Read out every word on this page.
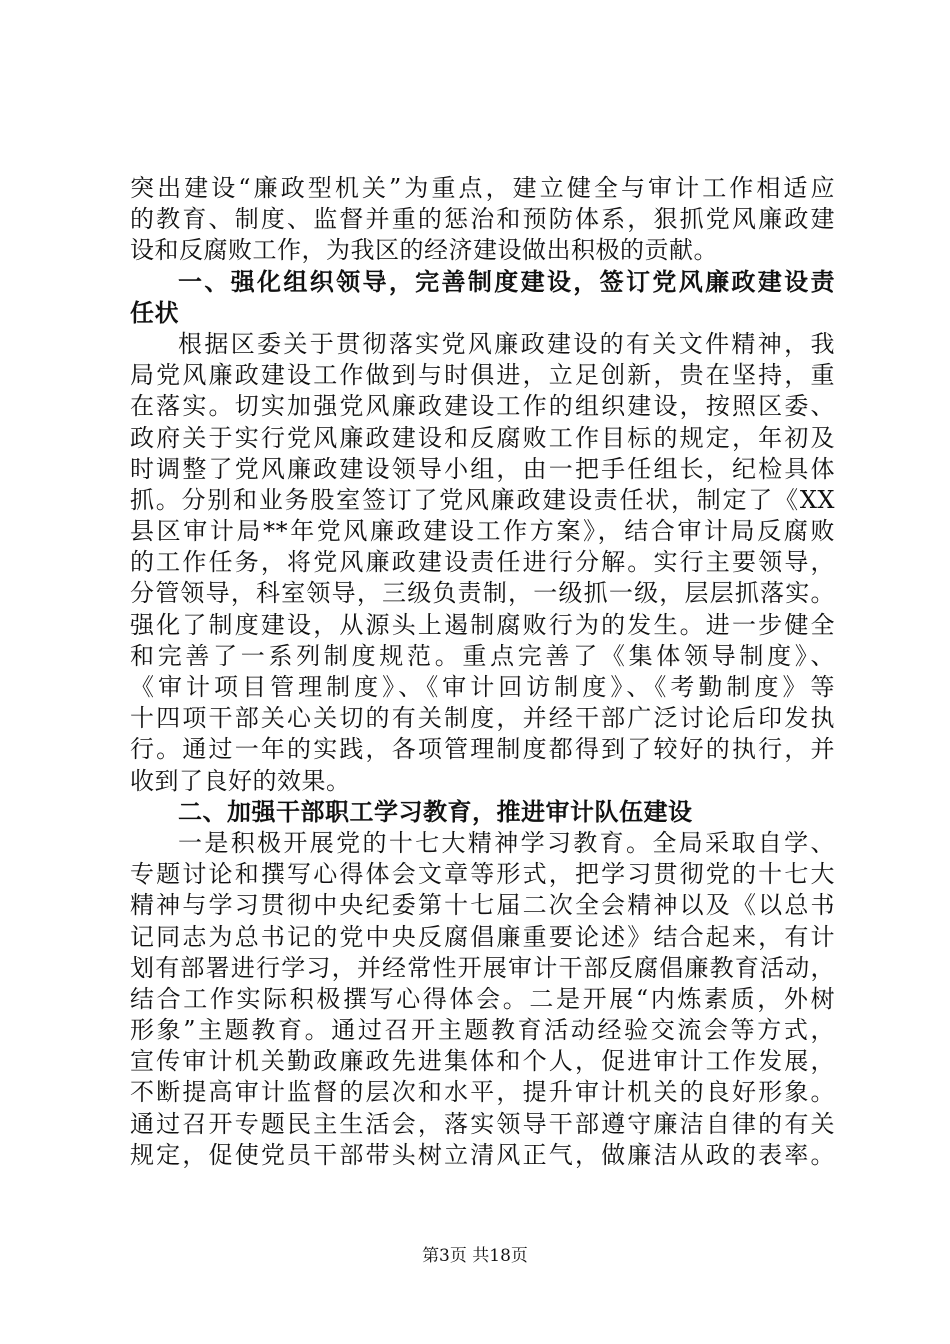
突出建设“廉政型机关”为重点，建立健全与审计工作相适应
的教育、制度、监督并重的惩治和预防体系，狠抓党风廉政建
设和反腐败工作，为我区的经济建设做出积极的贡献。
一、强化组织领导，完善制度建设，签订党风廉政建设责
任状
根据区委关于贯彻落实党风廉政建设的有关文件精神，我
局党风廉政建设工作做到与时俱进，立足创新，贵在坚持，重
在落实。切实加强党风廉政建设工作的组织建设，按照区委、
政府关于实行党风廉政建设和反腐败工作目标的规定，年初及
时调整了党风廉政建设领导小组，由一把手任组长，纪检具体
抓。分别和业务股室签订了党风廉政建设责任状，制定了《XX
县区审计局**年党风廉政建设工作方案》，结合审计局反腐败
的工作任务，将党风廉政建设责任进行分解。实行主要领导，
分管领导，科室领导，三级负责制，一级抓一级，层层抓落实。
强化了制度建设，从源头上遏制腐败行为的发生。进一步健全
和完善了一系列制度规范。重点完善了《集体领导制度》、
《审计项目管理制度》、《审计回访制度》、《考勤制度》等
十四项干部关心关切的有关制度，并经干部广泛讨论后印发执
行。通过一年的实践，各项管理制度都得到了较好的执行，并
收到了良好的效果。
二、加强干部职工学习教育，推进审计队伍建设
一是积极开展党的十七大精神学习教育。全局采取自学、
专题讨论和撰写心得体会文章等形式，把学习贯彻党的十七大
精神与学习贯彻中央纪委第十七届二次全会精神以及《以总书
记同志为总书记的党中央反腐倡廉重要论述》结合起来，有计
划有部署进行学习，并经常性开展审计干部反腐倡廉教育活动，
结合工作实际积极撰写心得体会。二是开展“内炼素质，外树
形象”主题教育。通过召开主题教育活动经验交流会等方式，
宣传审计机关勤政廉政先进集体和个人，促进审计工作发展，
不断提高审计监督的层次和水平，提升审计机关的良好形象。
通过召开专题民主生活会，落实领导干部遵守廉洁自律的有关
规定，促使党员干部带头树立清风正气，做廉洁从政的表率。
第3页 共18页
